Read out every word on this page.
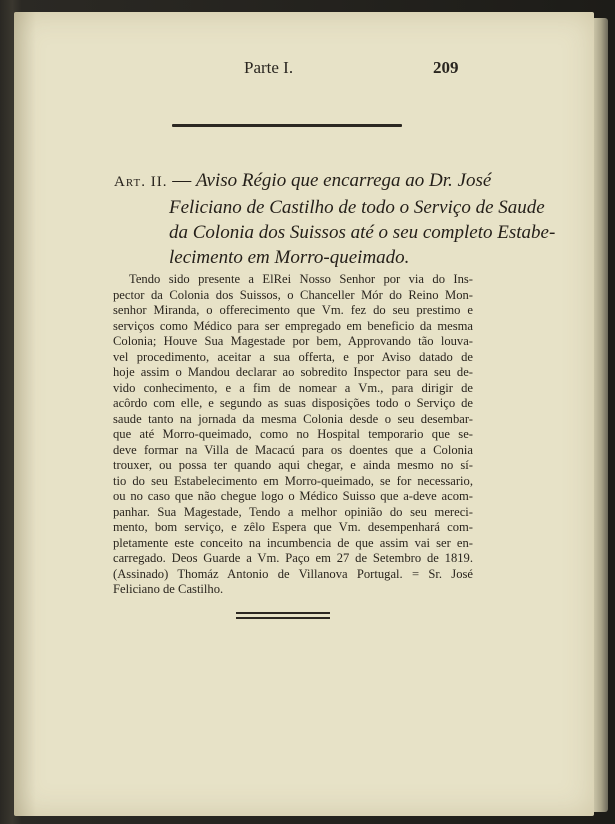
Parte I.	209
Art. II. — Aviso Régio que encarrega ao Dr. José
Feliciano de Castilho de todo o Serviço de Saude
da Colonia dos Suissos até o seu completo Estabe-
lecimento em Morro-queimado.
Tendo sido presente a ElRei Nosso Senhor por via do Ins-
pector da Colonia dos Suissos, o Chanceller Mór do Reino Mon-
senhor Miranda, o offerecimento que Vm. fez do seu prestimo e
serviços como Médico para ser empregado em beneficio da mesma
Colonia; Houve Sua Magestade por bem, Approvando tão louva-
vel procedimento, aceitar a sua offerta, e por Aviso datado de
hoje assim o Mandou declarar ao sobredito Inspector para seu de-
vido conhecimento, e a fim de nomear a Vm., para dirigir de
acôrdo com elle, e segundo as suas disposições todo o Serviço de
saude tanto na jornada da mesma Colonia desde o seu desembar-
que até Morro-queimado, como no Hospital temporario que se-
deve formar na Villa de Macacú para os doentes que a Colonia
trouxer, ou possa ter quando aqui chegar, e ainda mesmo no sí-
tio do seu Estabelecimento em Morro-queimado, se for necessario,
ou no caso que não chegue logo o Médico Suisso que a-deve acom-
panhar. Sua Magestade, Tendo a melhor opinião do seu mereci-
mento, bom serviço, e zêlo Espera que Vm. desempenhará com-
pletamente este conceito na incumbencia de que assim vai ser en-
carregado. Deos Guarde a Vm. Paço em 27 de Setembro de 1819.
(Assinado) Thomáz Antonio de Villanova Portugal. = Sr. José
Feliciano de Castilho.
